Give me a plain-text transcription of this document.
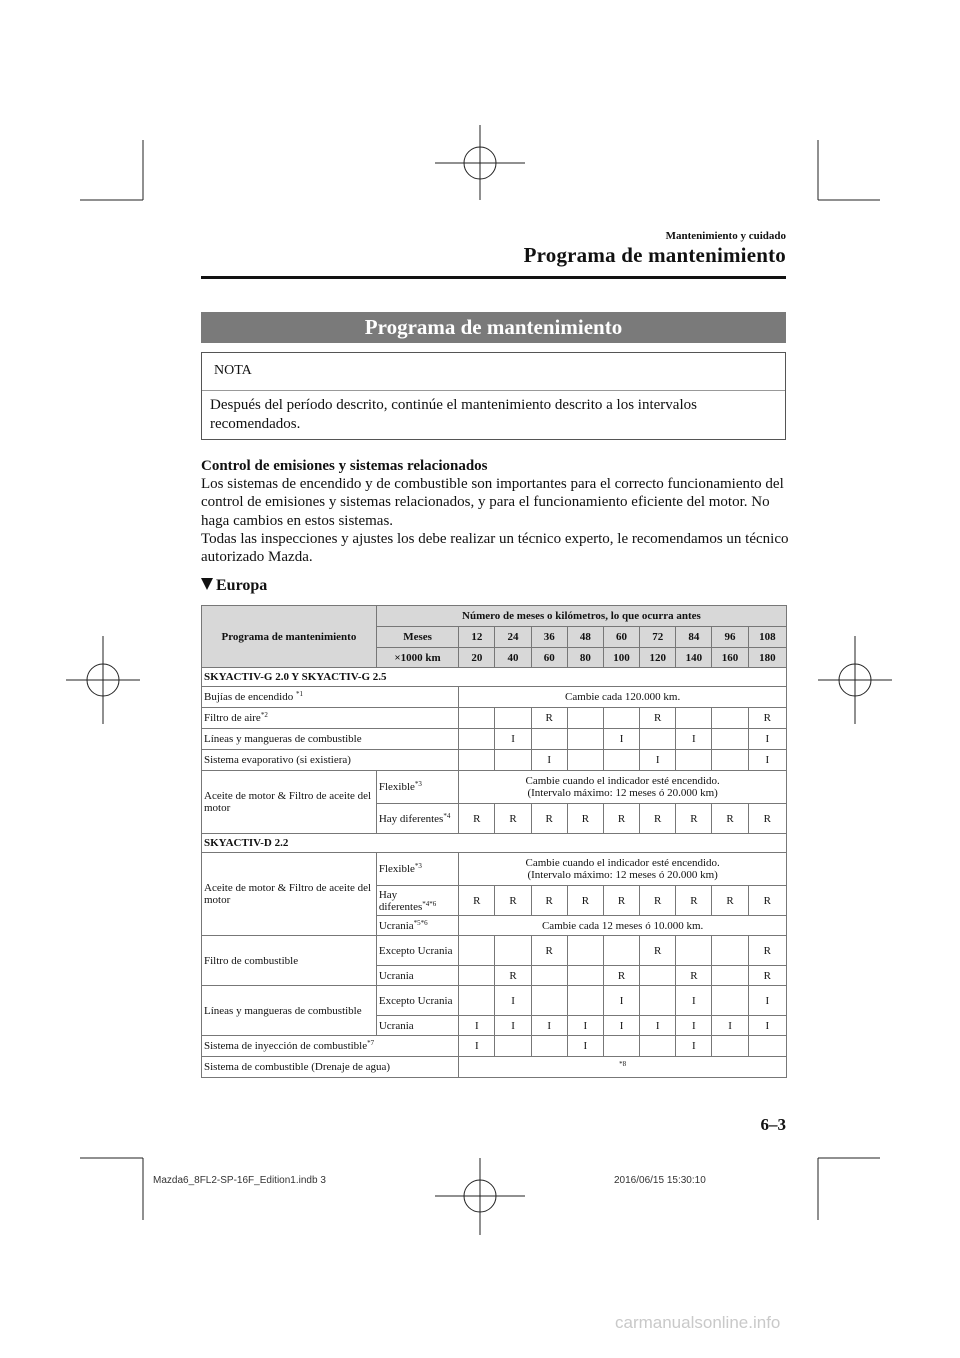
Mantenimiento y cuidado
Programa de mantenimiento
Programa de mantenimiento
NOTA
Después del período descrito, continúe el mantenimiento descrito a los intervalos recomendados.
Control de emisiones y sistemas relacionados
Los sistemas de encendido y de combustible son importantes para el correcto funcionamiento del control de emisiones y sistemas relacionados, y para el funcionamiento eficiente del motor. No haga cambios en estos sistemas.
Todas las inspecciones y ajustes los debe realizar un técnico experto, le recomendamos un técnico autorizado Mazda.
Europa
Programa de mantenimiento	Número de meses o kilómetros, lo que ocurra antes									
	Meses	12	24	36	48	60	72	84	96	108
	×1000 km	20	40	60	80	100	120	140	160	180
SKYACTIV-G 2.0 Y SKYACTIV-G 2.5										
Bujías de encendido $^{*1}$		Cambie cada 120.000 km.								
Filtro de aire$^{*2}$				R			R			R
Líneas y mangueras de combustible			I			I		I		I
Sistema evaporativo (si existiera)				I			I			I
Aceite de motor & Filtro de aceite del motor	Flexible$^{*3}$	Cambie cuando el indicador esté encendido.
(Intervalo máximo: 12 meses ó 20.000 km)								

	Hay diferentes$^{*4}$	R	R	R	R	R	R	R	R	R
SKYACTIV-D 2.2										
Aceite de motor & Filtro de aceite del motor	Flexible$^{*3}$	Cambie cuando el indicador esté encendido.
(Intervalo máximo: 12 meses ó 20.000 km)								

	Hay diferentes$^{*4*6}$	R	R	R	R	R	R	R	R	R
	Ucrania$^{*5*6}$	Cambie cada 12 meses ó 10.000 km.								
Filtro de combustible	Excepto Ucrania			R			R			R
	Ucrania		R			R		R		R
Líneas y mangueras de combustible	Excepto Ucrania		I			I		I		I
	Ucrania	I	I	I	I	I	I	I	I	I
Sistema de inyección de combustible$^{*7}$		I			I			I		
Sistema de combustible (Drenaje de agua)		$^{*8}$
6–3
Mazda6_8FL2-SP-16F_Edition1.indb 3	2016/06/15 15:30:10
carmanualsonline.info
